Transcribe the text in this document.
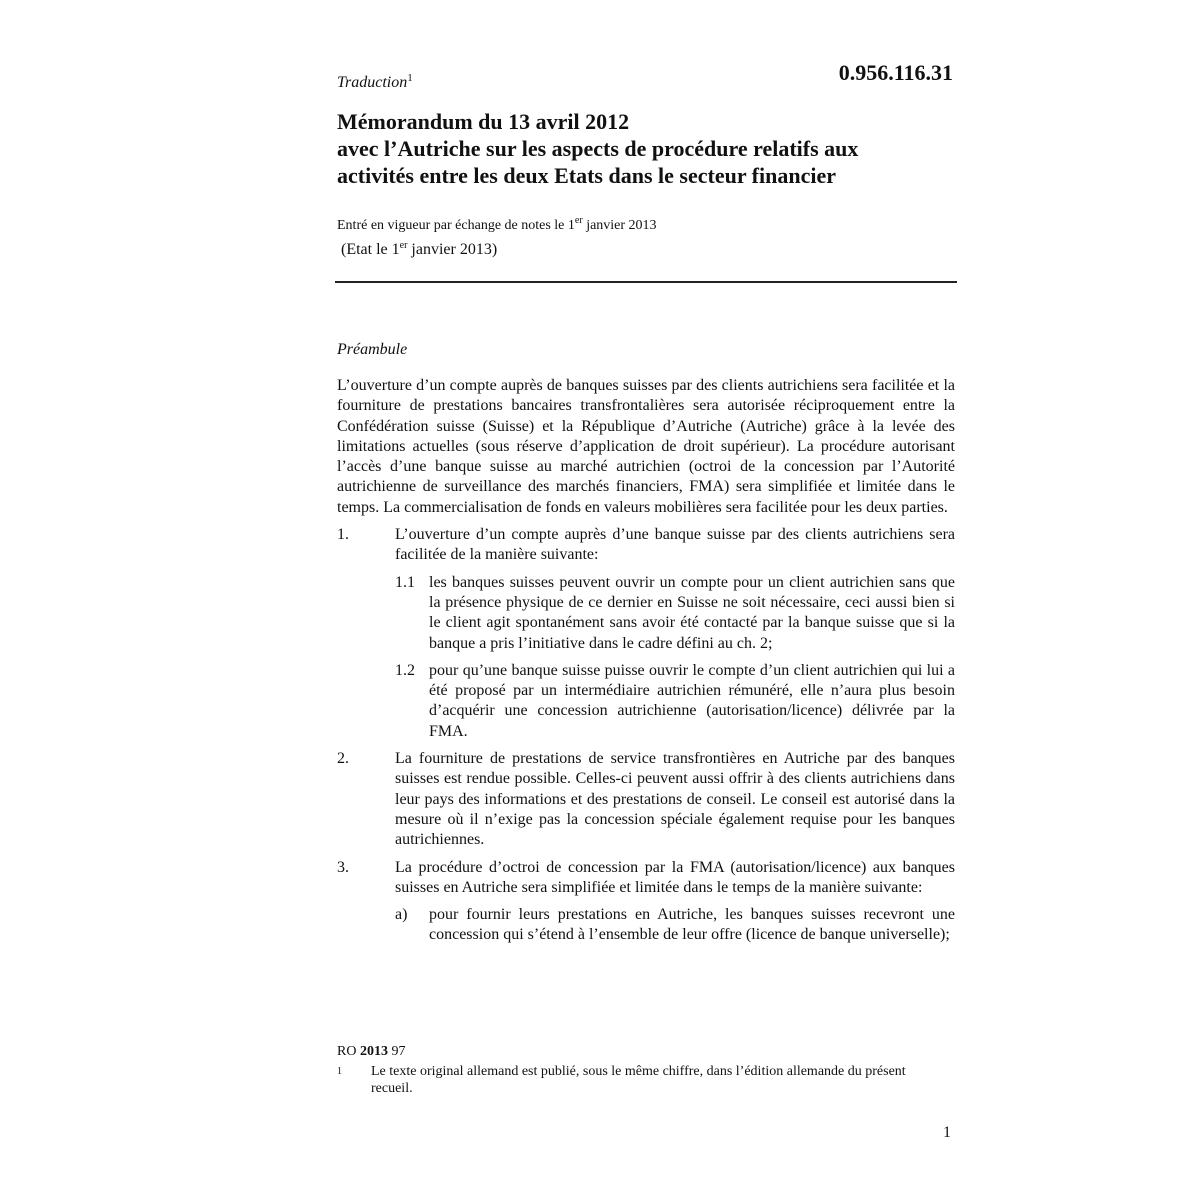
Traduction$^1$	0.956.116.31
Mémorandum du 13 avril 2012
avec l’Autriche sur les aspects de procédure relatifs aux
activités entre les deux Etats dans le secteur financier
Entré en vigueur par échange de notes le 1er janvier 2013
(Etat le 1er janvier 2013)
Préambule

L’ouverture d’un compte auprès de banques suisses par des clients autrichiens sera facilitée et la fourniture de prestations bancaires transfrontalières sera autorisée réciproquement entre la Confédération suisse (Suisse) et la République d’Autriche (Autriche) grâce à la levée des limitations actuelles (sous réserve d’application de droit supérieur). La procédure autorisant l’accès d’une banque suisse au marché autrichien (octroi de la concession par l’Autorité autrichienne de surveillance des marchés financiers, FMA) sera simplifiée et limitée dans le temps. La commercialisation de fonds en valeurs mobilières sera facilitée pour les deux parties.

1.	L’ouverture d’un compte auprès d’une banque suisse par des clients autrichiens sera facilitée de la manière suivante:
1.1 les banques suisses peuvent ouvrir un compte pour un client autrichien sans que la présence physique de ce dernier en Suisse ne soit nécessaire, ceci aussi bien si le client agit spontanément sans avoir été contacté par la banque suisse que si la banque a pris l’initiative dans le cadre défini au ch. 2;
1.2 pour qu’une banque suisse puisse ouvrir le compte d’un client autrichien qui lui a été proposé par un intermédiaire autrichien rémunéré, elle n’aura plus besoin d’acquérir une concession autrichienne (autorisation/licence) délivrée par la FMA.
2.	La fourniture de prestations de service transfrontières en Autriche par des banques suisses est rendue possible. Celles-ci peuvent aussi offrir à des clients autrichiens dans leur pays des informations et des prestations de conseil. Le conseil est autorisé dans la mesure où il n’exige pas la concession spéciale également requise pour les banques autrichiennes.
3.	La procédure d’octroi de concession par la FMA (autorisation/licence) aux banques suisses en Autriche sera simplifiée et limitée dans le temps de la manière suivante:
a)	pour fournir leurs prestations en Autriche, les banques suisses recevront une concession qui s’étend à l’ensemble de leur offre (licence de banque universelle);
RO 2013 97
1	Le texte original allemand est publié, sous le même chiffre, dans l’édition allemande du présent recueil.
1
